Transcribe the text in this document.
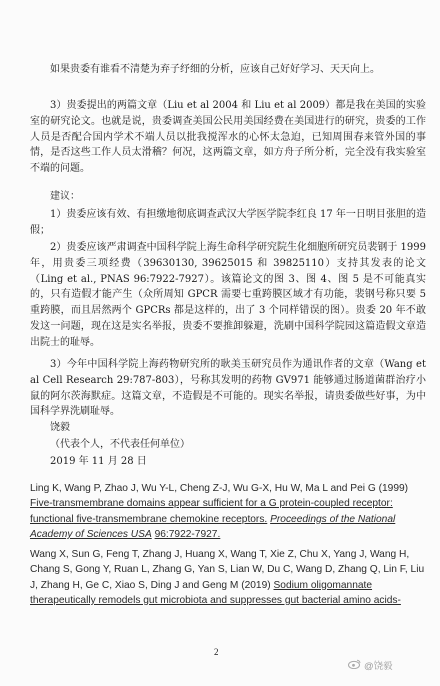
如果贵委有谁看不清楚为弃子纾细的分析，应该自己好好学习、天天向上。

3）贵委提出的两篇文章（Liu et al 2004 和 Liu et al 2009）都是我在美国的实验室的研究论文。也就是说，贵委调查美国公民用美国经费在美国进行的研究，贵委的工作人员是否配合国内学术不端人员以批我搅浑水的心怀太急迫，已知周围春来管外国的事情，是否这些工作人员太滑稽？何况，这两篇文章，如方舟子所分析，完全没有我实验室不端的问题。

建议：

1）贵委应该有效、有担缴地彻底调查武汉大学医学院李红良 17 年一日明目张胆的造假；

2）贵委应该严肃调查中国科学院上海生命科学研究院生化细胞所研究员裴钢于 1999 年，用贵委三项经费（39630130, 39625015 和 39825110）支持其发表的论文（Ling et al., PNAS 96:7922-7927）。该篇论文的图 3、图 4、图 5 是不可能真实的，只有造假才能产生（众所周知 GPCR 需要七重跨膜区域才有功能，裴钢号称只要 5 重跨膜，而且居然两个 GPCRs 都是这样的，出了 3 个同样错误的图）。贵委 20 年不敢发这一问题，现在这是实名举报，贵委不要推卸躲避，洗刷中国科学院园这篇造假文章造出院士的耻辱。

3）今年中国科学院上海药物研究所的耿美玉研究员作为通讯作者的文章（Wang et al Cell Research 29:787-803），号称其发明的药物 GV971 能够通过肠道菌群治疗小鼠的阿尔茨海默症。这篇文章，不造假是不可能的。现实名举报，请贵委做些好事，为中国科学界洗刷耻辱。

饶毅

（代表个人，不代表任何单位）

2019 年 11 月 28 日

Ling K, Wang P, Zhao J, Wu Y-L, Cheng Z-J, Wu G-X, Hu W, Ma L and Pei G (1999) Five-transmembrane domains appear sufficient for a G protein-coupled receptor: functional five-transmembrane chemokine receptors. Proceedings of the National Academy of Sciences USA 96:7922-7927.

Wang X, Sun G, Feng T, Zhang J, Huang X, Wang T, Xie Z, Chu X, Yang J, Wang H, Chang S, Gong Y, Ruan L, Zhang G, Yan S, Lian W, Du C, Wang D, Zhang Q, Lin F, Liu J, Zhang H, Ge C, Xiao S, Ding J and Geng M (2019) Sodium oligomannate therapeutically remodels gut microbiota and suppresses gut bacterial amino acids-

2
@饶毅
